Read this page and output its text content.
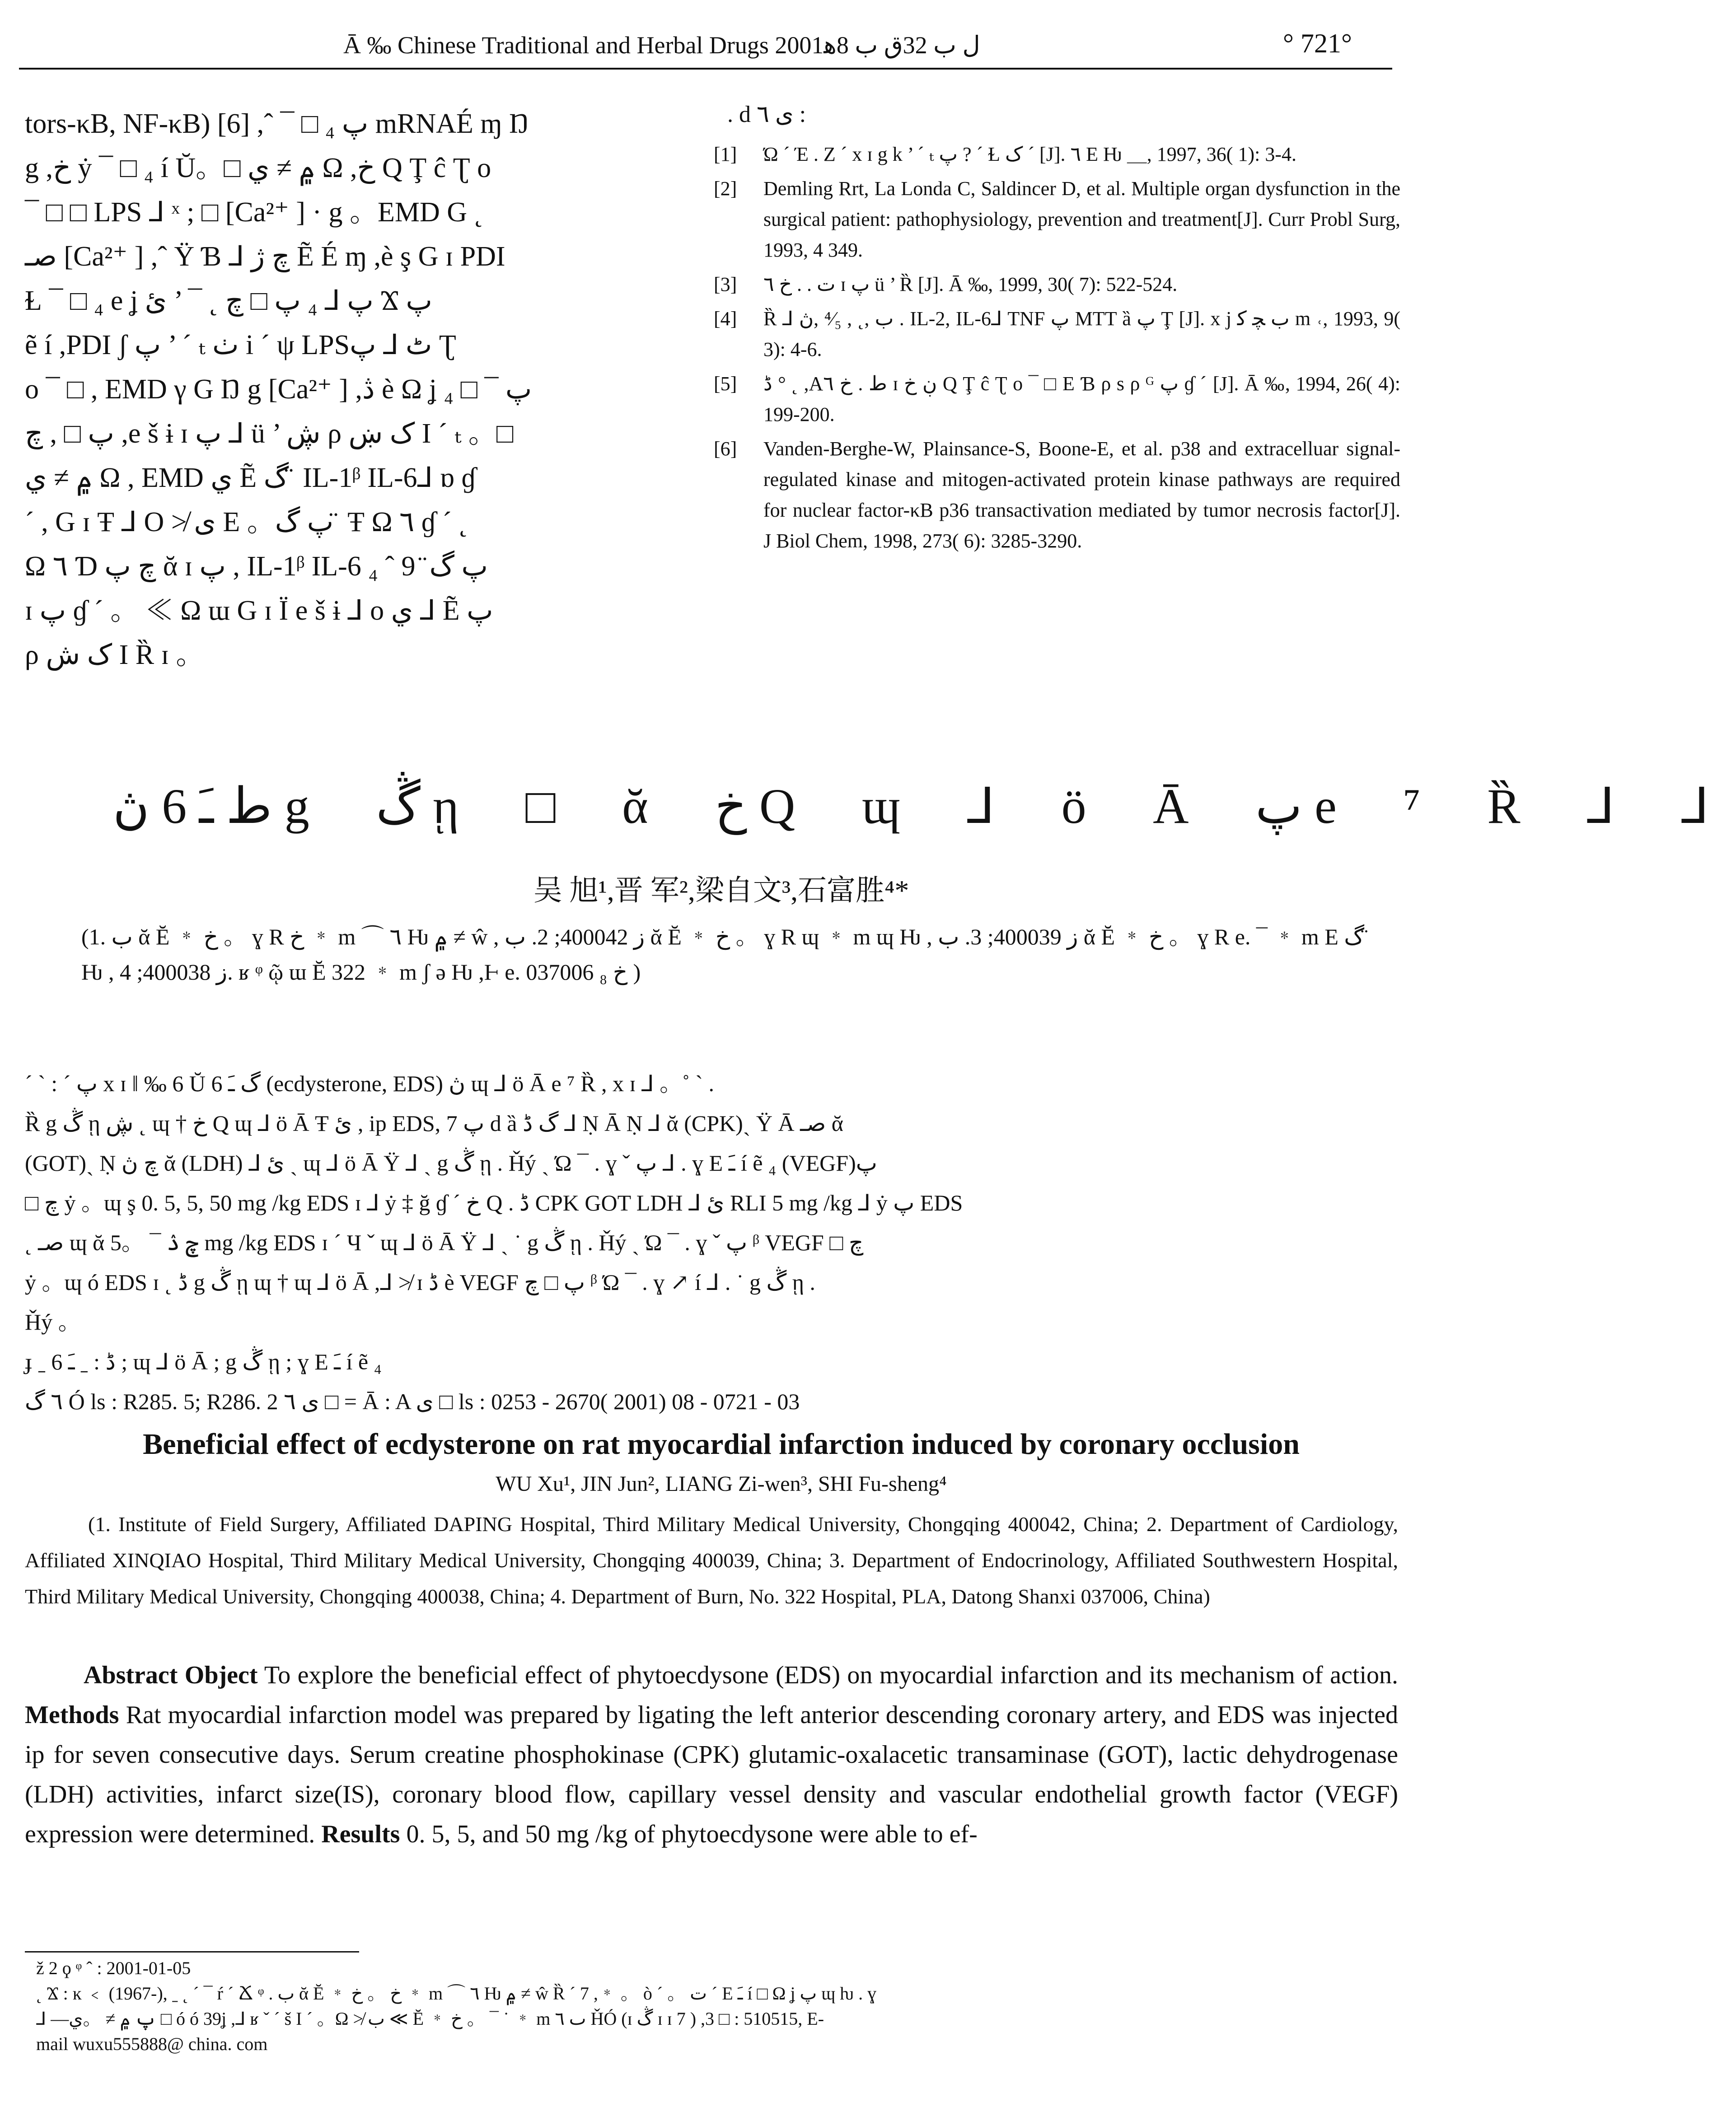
Ā ‰ Chinese Traditional and Herbal Drugs 2001ل ب 32ﻕ ب 8ﻫ	° 721°

tors-κB, NF-κB) [6] ,ˆ ¯ □ ₄ پ mRNAÉ ɱ Ŋ

g ,خ ẏ ¯ □ ₄ í Ŭ。□ ۾ ≠ ي Ω ,خ Q Ţ ĉ Ʈ o

¯ □ □ LPS ⅃ ˣ ; □ [Ca²⁺ ] · g 。EMD G ˛

صـ [Ca²⁺ ] ,ˆ Ϋ Ɓ ⅃ چ ژ Ẽ É ɱ ,è ş G ɪ PDI

Ɫ ¯ □ ₄ e ʝ پ ⅃ ₄ پ □ چ ˛ ¯ ’ ئ Ϫ پ

ẽ í ,PDI ʃ پ ’ ˊ ₜ ٺ i ˊ ψ LPSٹ ⅃ پ Ʈ

o ¯ □ , EMD γ G Ŋ g [Ca²⁺ ] ,ڎ è Ω ʝ پ ¯ □ ₄

پ □ , چ ,e š ɨ ɪ پ ⅃ ü ’ ڜ ρ ک ښ I ˊ ₜ 。□

۾ ≠ ي Ω , EMD ي Ẽ گ ̈ IL-1ᵝ IL-6⅃ ɒ ɠ

ˊ , G ɪ Ŧ ⅃ O ≯ ى E 。پ گ ̈ Ŧ Ω ٦ ɠ ˊ ˛

Ω ٦ Ɗ چ پ ᾰ ɪ پ , IL-1ᵝ IL-6 پ گ ̈ 9 ˆ ₄

ɪ پ ɠ ˊ 。 ≪ Ω ɯ G ɪ Ï e š ɨ ⅃ o ي ⅃ Ẽ پ

ρ ک ش I Ȑ ɪ 。

. d ى ٦ :
[1]	Ώ ˊ Έ . Ζ ˊ x ɪ g k ’ ˊ ₜ پ ? ˊ Ɫ ک ˊ [J]. ٦ E Ƕ ＿, 1997, 36( 1): 3-4.
[2]	Demling Rrt, La Londa C, Saldincer D, et al. Multiple organ dysfunction in the surgical patient: pathophysiology, prevention and treatment[J]. Curr Probl Surg, 1993, 4 349.
[3]	ت . . خ ٦ ɪ پ ü ’ Ȑ [J]. Ā ‰, 1999, 30( 7): 522-524.
[4]	Ȑ ⅃ ب ,˛ , ⁴⁄₅ ,ڽ . IL-2, IL-6⅃ TNF پ MTT ȁ پ Ţ [J]. x j ب ﭽ ﮐ m ˓, 1993, 9( 3): 4-6.
[5]	ڈ ° ˛ ,Αﻁ . خ ٦ ɪ ڹ خ Q Ţ ĉ Ʈ o ¯ □ E Ɓ ρ s ρ ᴳ پ ɠ ˊ [J]. Ā ‰, 1994, 26( 4): 199-200.
[6]	Vanden-Berghe-W, Plainsance-S, Boone-E, et al. p38 and extracelluar signal-regulated kinase and mitogen-activated protein kinase pathways are required for nuclear factor-κB p36 transactivation mediated by tumor necrosis factor[J]. J Biol Chem, 1998, 273( 6): 3285-3290.
ﻁ ﹷ 6 ڽ g ڴ ῃ □ ᾰ خ Q ɰ ⅃ ö Ā پ e ⁷ Ȑ ⅃ ⅃
吴 旭¹,晋 军²,梁自文³,石富胜⁴*
(1. ب ᾰ Ĕ ﹡ خ 。 ɣ R خ ﹡ m ⌒ ٦ Ƕ ۾ ≠ ŵ , ز 400042; 2. ب ᾰ Ĕ ﹡ خ 。 ɣ R ɰ ﹡ m ɰ Ƕ , ز 400039; 3. ب ᾰ Ĕ ﹡ خ 。 ɣ R e. ¯ ﹡ m E گ ̈ Ƕ , ز 400038; 4. ʁ ᵠ ῷ ɯ Ĕ 322 ﹡ m ʃ ə Ƕ ,Ⱶ e. خ ₈ 037006 )

ˊ ˋ : ˊ پ x ɪ ‖ ‰ 6 Ŭ گ ﹷ 6 (ecdysterone, EDS) ڽ ɰ ⅃ ö Ā e ⁷ Ȑ , x ɪ ⅃ 。˚ ˋ .

Ȑ g ڴ ῃ ڜ ˛ ɰ † خ Q ɰ ⅃ ö Ā Ŧ ئ , ip EDS, پ 7 d ȁ گ ڈ ⅃ Ṇ Ā Ṇ ⅃ ᾰ (CPK)ˎ Ÿ Ā صـ ᾰ

(GOT)ˎ Ṇ چ ڽ ᾰ (LDH) ⅃ ئ ˎ ɰ ⅃ ö Ā Ÿ ⅃ ˎ g ڴ ῃ . Ȟý ˎ Ώ ¯ . ɣ ˇ پ ⅃ . ɣ E ﹷ í ẽ ₄ (VEGF)پ

□ چ ẏ 。ɰ ş 0. 5, 5, 50 mg /kg EDS ɪ ⅃ ẏ ‡ ğ ɠ ˊ خ Q . ڈ CPK GOT LDH ⅃ ئ RLI 5 mg /kg ⅃ ẏ پ EDS

˛ صـ ɰ ᾰ چ ۮ ¯ 。5 mg /kg EDS ɪ ˊ Ч ˇ ɰ ⅃ ö Ā Ÿ ⅃ ˎ ˙ g ڴ ῃ . Ȟý ˎ Ώ ¯ . ɣ ˇ پ ᵝ VEGF □ چ

ẏ 。ɰ ó EDS ɪ ˛ ڈ g ڴ ῃ ɰ † ɰ ⅃ ö Ā ,⅃ ≯ ɪ ڈ è VEGF پ □ چ ᵝ Ώ ¯ . ɣ ↗ í ⅃ . ˙ g ڴ ῃ .

Ȟý 。

ɟ ˍ ڈ : ˍ ﹷ 6 ; ɰ ⅃ ö Ā ; g ڴ ῃ ; ɣ E ﹷ í ẽ ₄

٦ گ Ó ls : R285. 5; R286. 2 ى ٦ □ = Ā : A ى □ ls : 0253 - 2670( 2001) 08 - 0721 - 03

Beneficial effect of ecdysterone on rat myocardial infarction induced by coronary occlusion
WU Xu¹, JIN Jun², LIANG Zi-wen³, SHI Fu-sheng⁴
(1. Institute of Field Surgery, Affiliated DAPING Hospital, Third Military Medical University, Chongqing 400042, China; 2. Department of Cardiology, Affiliated XINQIAO Hospital, Third Military Medical University, Chongqing 400039, China; 3. Department of Endocrinology, Affiliated Southwestern Hospital, Third Military Medical University, Chongqing 400038, China; 4. Department of Burn, No. 322 Hospital, PLA, Datong Shanxi 037006, China)
Abstract Object To explore the beneficial effect of phytoecdysone (EDS) on myocardial infarction and its mechanism of action. Methods Rat myocardial infarction model was prepared by ligating the left anterior descending coronary artery, and EDS was injected ip for seven consecutive days. Serum creatine phosphokinase (CPK) glutamic-oxalacetic transaminase (GOT), lactic dehydrogenase (LDH) activities, infarct size(IS), coronary blood flow, capillary vessel density and vascular endothelial growth factor (VEGF) expression were determined. Results 0. 5, 5, and 50 mg /kg of phytoecdysone were able to ef-

ž 2 ϙ ᵠ ˆ : 2001-01-05

˛ Ϫ : ĸ ﹤ (1967-), ˍ ˛ ˊ ¯ ŕ ˊ Ճ ᵠ . ب ᾰ Ĕ ﹡ خ 。 خ ﹡ m ⌒ ٦ Ƕ ۾ ≠ ŵ Ȑ ˊ 7 ,﹡ 。 ò ˊ 。 ت ˊ E ﹷ í □ Ω ʝ پ ɰ ƕ . ɣ

⅃ —پ ۾ ≠ 。ي □ ó ó 39ʝ ,⅃ ʁ ˇ ˊ š I ˊ 。Ω ≯ ب ≪ Ĕ ﹡ خ 。 ¯ ˙ ﹡ m ٮ ٦ ȞÓ (ɪ ڴ ɪ ɪ 7 ) ,3 □ : 510515, E-

mail wuxu555888@ china. com
